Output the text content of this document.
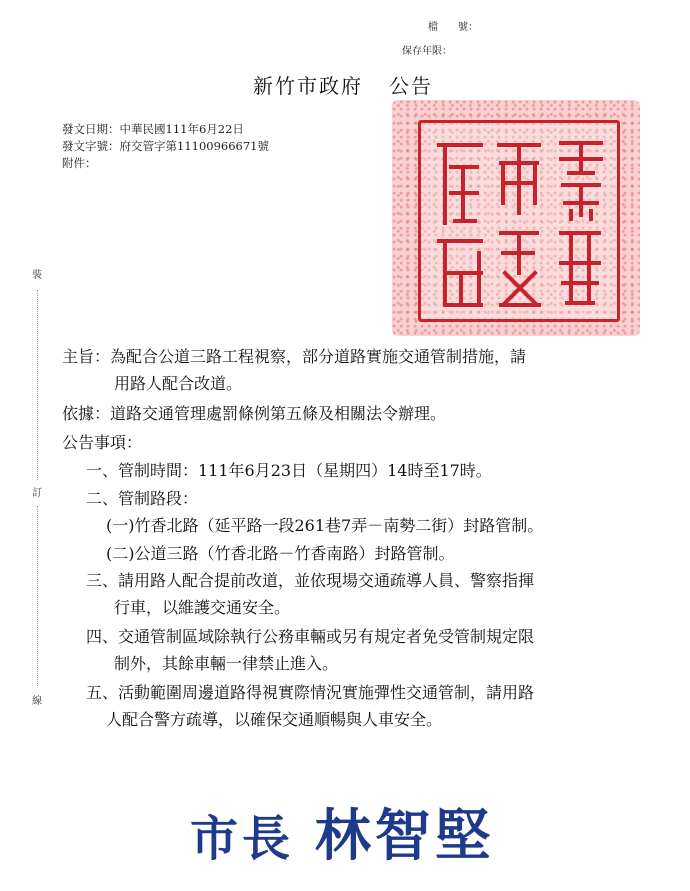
檔　　號：
保存年限：
新竹市政府 公告
發文日期：中華民國111年6月22日
發文字號：府交管字第11100966671號
附件：
裝
訂
線
主旨：為配合公道三路工程視察，部分道路實施交通管制措施，請
用路人配合改道。
依據：道路交通管理處罰條例第五條及相關法令辦理。
公告事項：
一、管制時間：111年6月23日（星期四）14時至17時。
二、管制路段：
(一)竹香北路（延平路一段261巷7弄－南勢二街）封路管制。
(二)公道三路（竹香北路－竹香南路）封路管制。
三、請用路人配合提前改道，並依現場交通疏導人員、警察指揮
行車，以維護交通安全。
四、交通管制區域除執行公務車輛或另有規定者免受管制規定限
制外，其餘車輛一律禁止進入。
五、活動範圍周邊道路得視實際情況實施彈性交通管制，請用路
人配合警方疏導，以確保交通順暢與人車安全。
市長 林智堅
